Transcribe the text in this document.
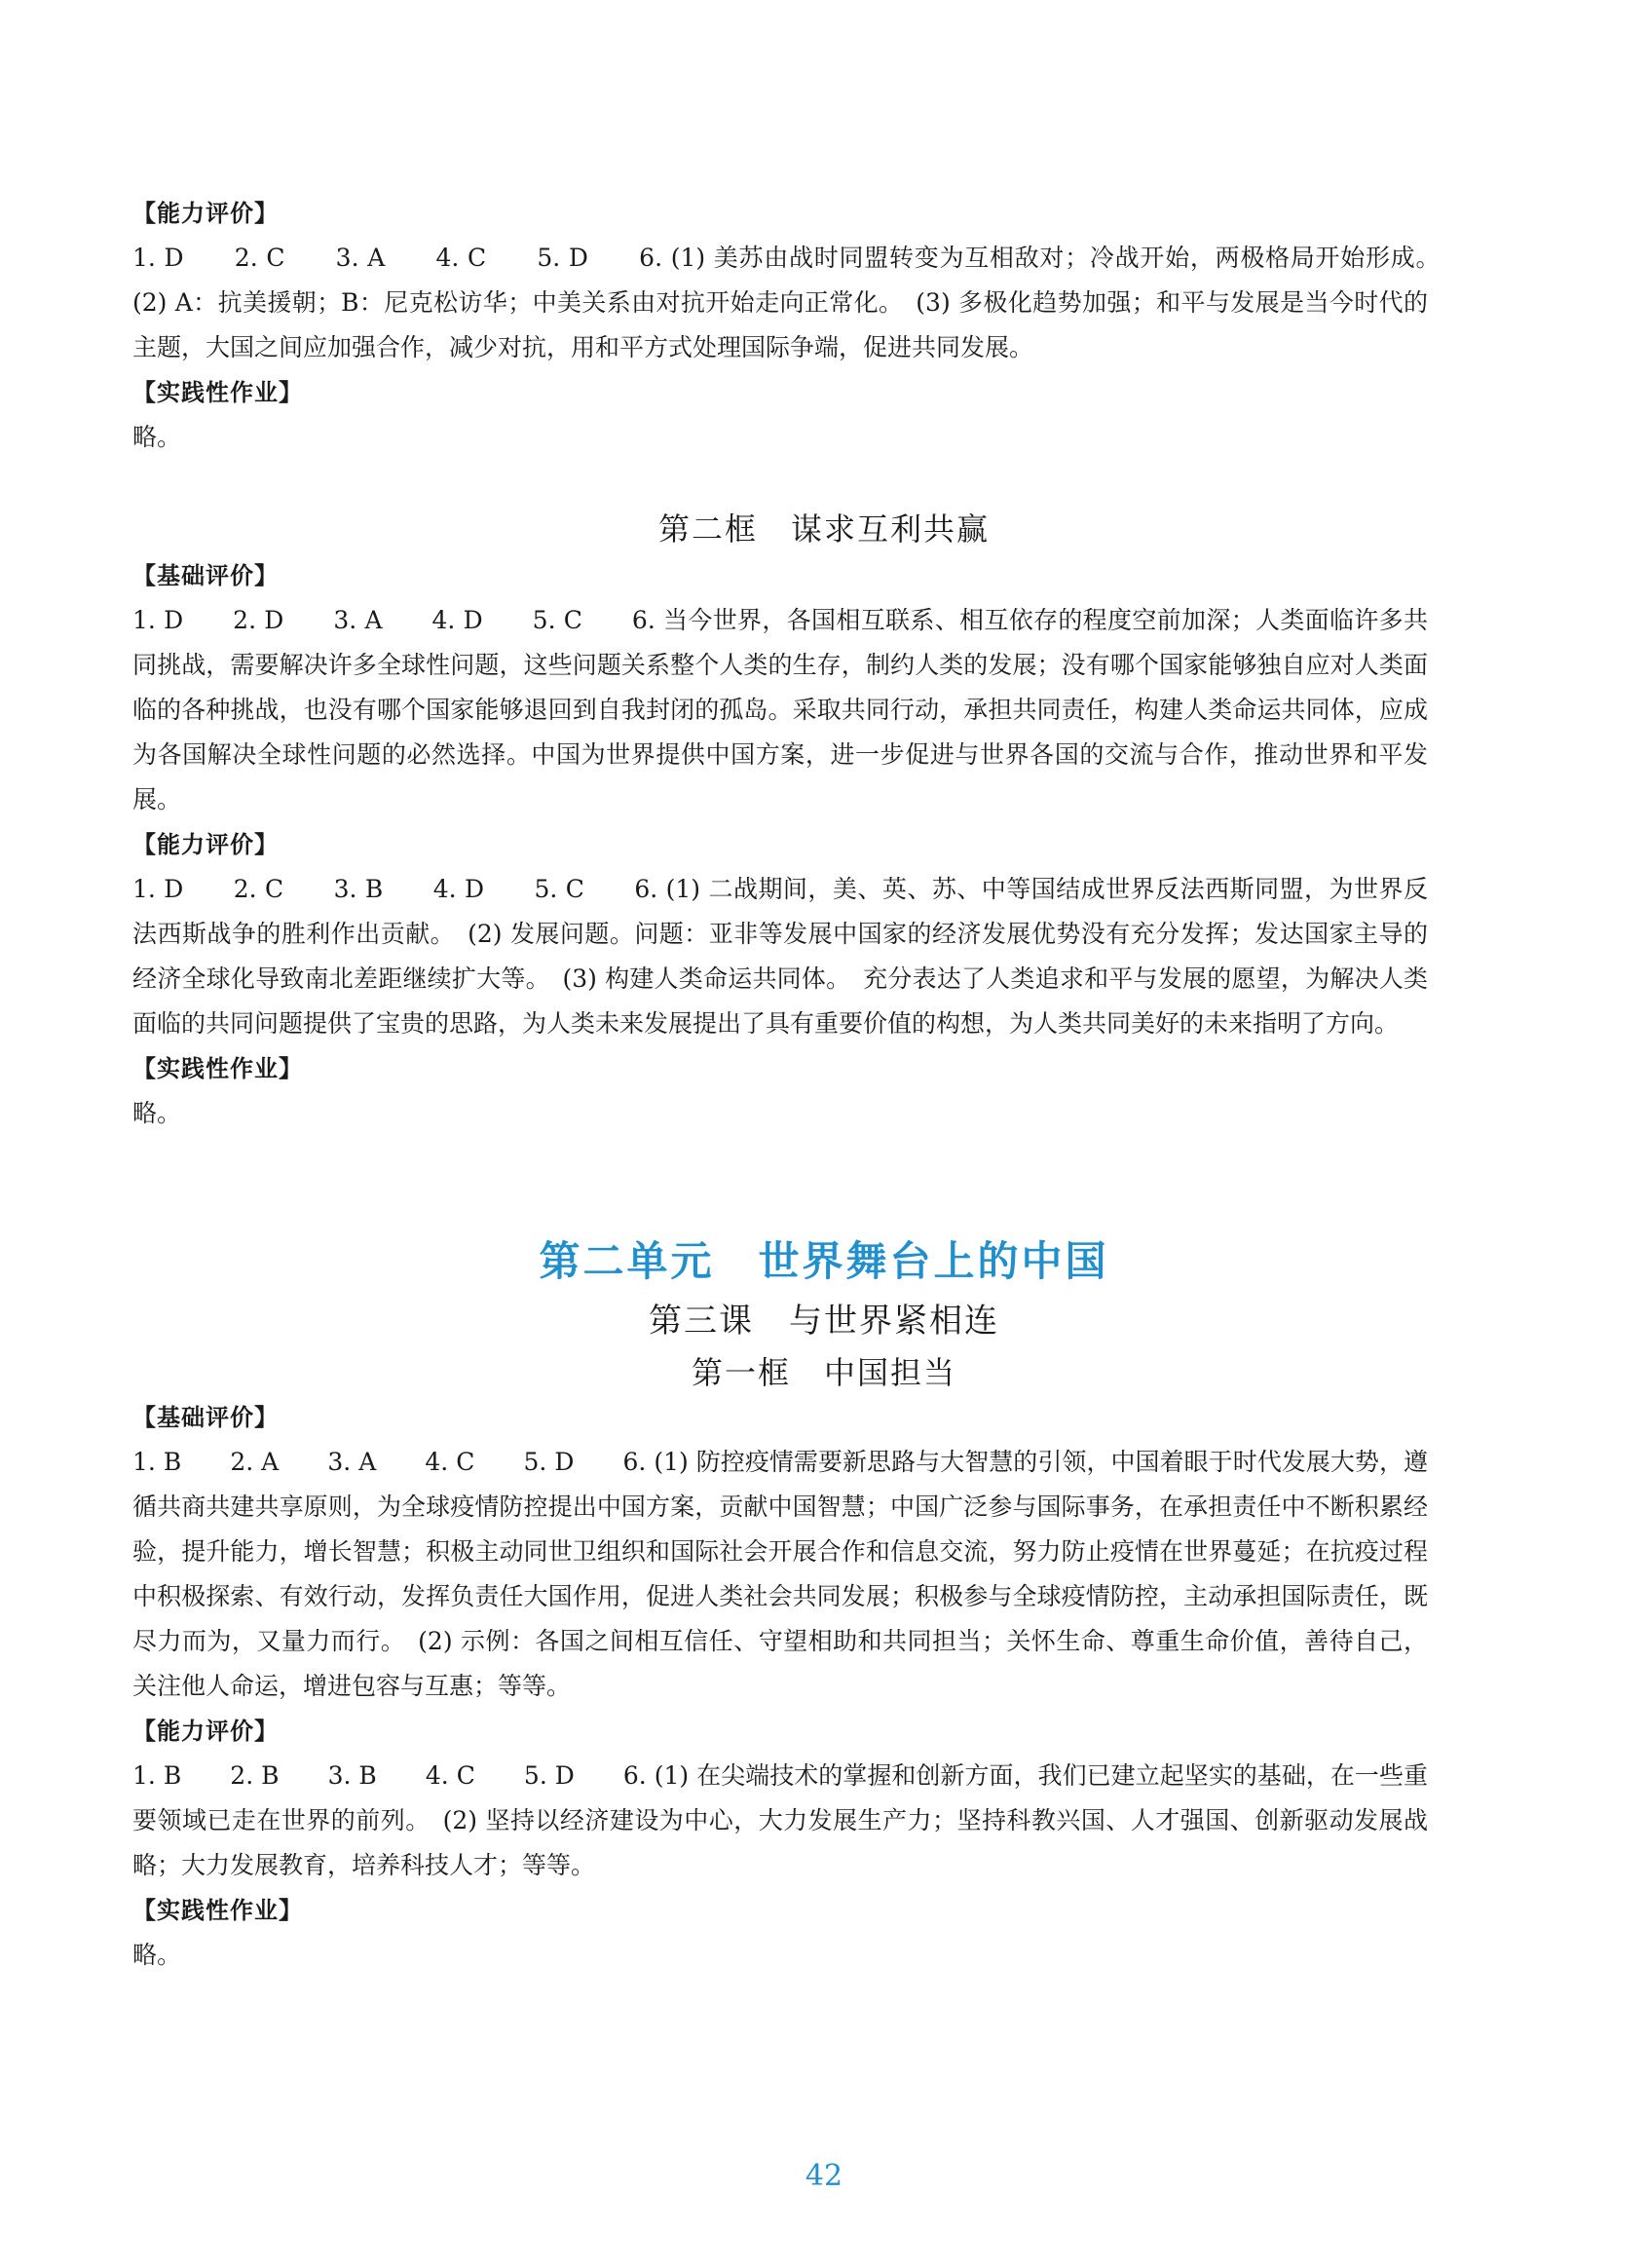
【能力评价】

1. D　　2. C　　3. A　　4. C　　5. D　　6. (1) 美苏由战时同盟转变为互相敌对；冷战开始，两极格局开始形成。　(2) A：抗美援朝；B：尼克松访华；中美关系由对抗开始走向正常化。　(3) 多极化趋势加强；和平与发展是当今时代的主题，大国之间应加强合作，减少对抗，用和平方式处理国际争端，促进共同发展。

【实践性作业】

略。

第二框　谋求互利共赢
【基础评价】

1. D　　2. D　　3. A　　4. D　　5. C　　6. 当今世界，各国相互联系、相互依存的程度空前加深；人类面临许多共同挑战，需要解决许多全球性问题，这些问题关系整个人类的生存，制约人类的发展；没有哪个国家能够独自应对人类面临的各种挑战，也没有哪个国家能够退回到自我封闭的孤岛。采取共同行动，承担共同责任，构建人类命运共同体，应成为各国解决全球性问题的必然选择。中国为世界提供中国方案，进一步促进与世界各国的交流与合作，推动世界和平发展。

【能力评价】

1. D　　2. C　　3. B　　4. D　　5. C　　6. (1) 二战期间，美、英、苏、中等国结成世界反法西斯同盟，为世界反法西斯战争的胜利作出贡献。　(2) 发展问题。问题：亚非等发展中国家的经济发展优势没有充分发挥；发达国家主导的经济全球化导致南北差距继续扩大等。　(3) 构建人类命运共同体。　充分表达了人类追求和平与发展的愿望，为解决人类面临的共同问题提供了宝贵的思路，为人类未来发展提出了具有重要价值的构想，为人类共同美好的未来指明了方向。

【实践性作业】

略。

第二单元　世界舞台上的中国
第三课　与世界紧相连
第一框　中国担当
【基础评价】

1. B　　2. A　　3. A　　4. C　　5. D　　6. (1) 防控疫情需要新思路与大智慧的引领，中国着眼于时代发展大势，遵循共商共建共享原则，为全球疫情防控提出中国方案，贡献中国智慧；中国广泛参与国际事务，在承担责任中不断积累经验，提升能力，增长智慧；积极主动同世卫组织和国际社会开展合作和信息交流，努力防止疫情在世界蔓延；在抗疫过程中积极探索、有效行动，发挥负责任大国作用，促进人类社会共同发展；积极参与全球疫情防控，主动承担国际责任，既尽力而为，又量力而行。　(2) 示例：各国之间相互信任、守望相助和共同担当；关怀生命、尊重生命价值，善待自己，关注他人命运，增进包容与互惠；等等。

【能力评价】

1. B　　2. B　　3. B　　4. C　　5. D　　6. (1) 在尖端技术的掌握和创新方面，我们已建立起坚实的基础，在一些重要领域已走在世界的前列。　(2) 坚持以经济建设为中心，大力发展生产力；坚持科教兴国、人才强国、创新驱动发展战略；大力发展教育，培养科技人才；等等。

【实践性作业】

略。

42
